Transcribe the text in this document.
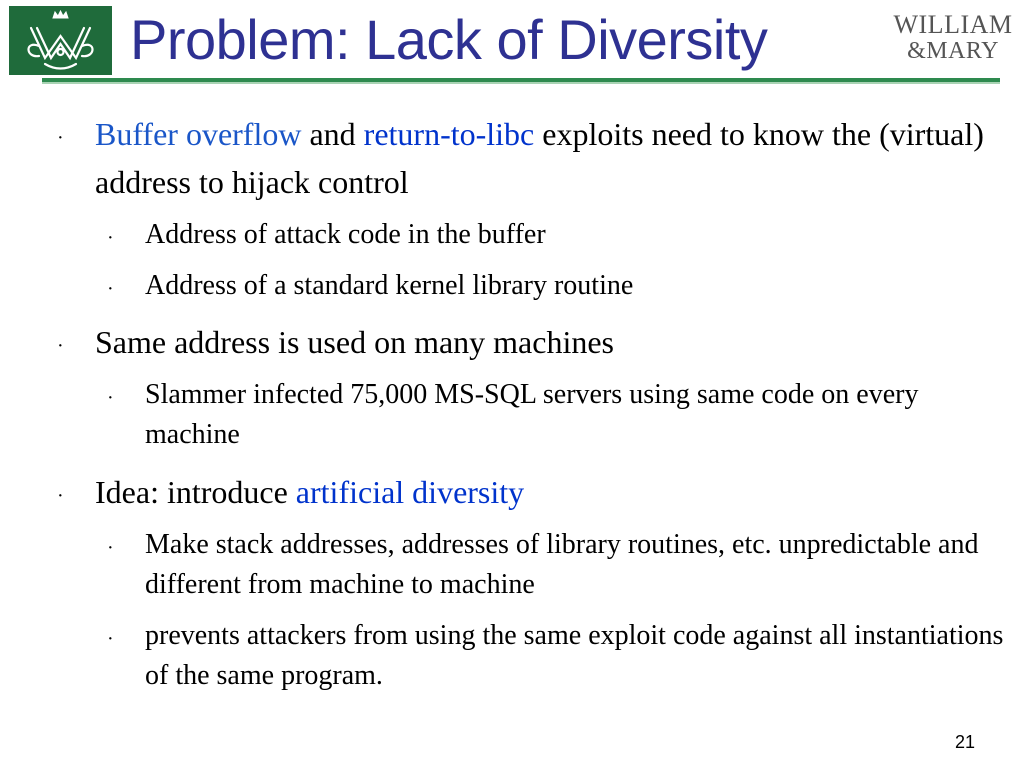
Problem: Lack of Diversity	WILLIAM
&MARY
· Buffer overflow and return-to-libc exploits need to know the (virtual) address to hijack control
· Address of attack code in the buffer
· Address of a standard kernel library routine
· Same address is used on many machines
· Slammer infected 75,000 MS-SQL servers using same code on every machine
· Idea: introduce artificial diversity
· Make stack addresses, addresses of library routines, etc. unpredictable and different from machine to machine
· prevents attackers from using the same exploit code against all instantiations of the same program.
21
